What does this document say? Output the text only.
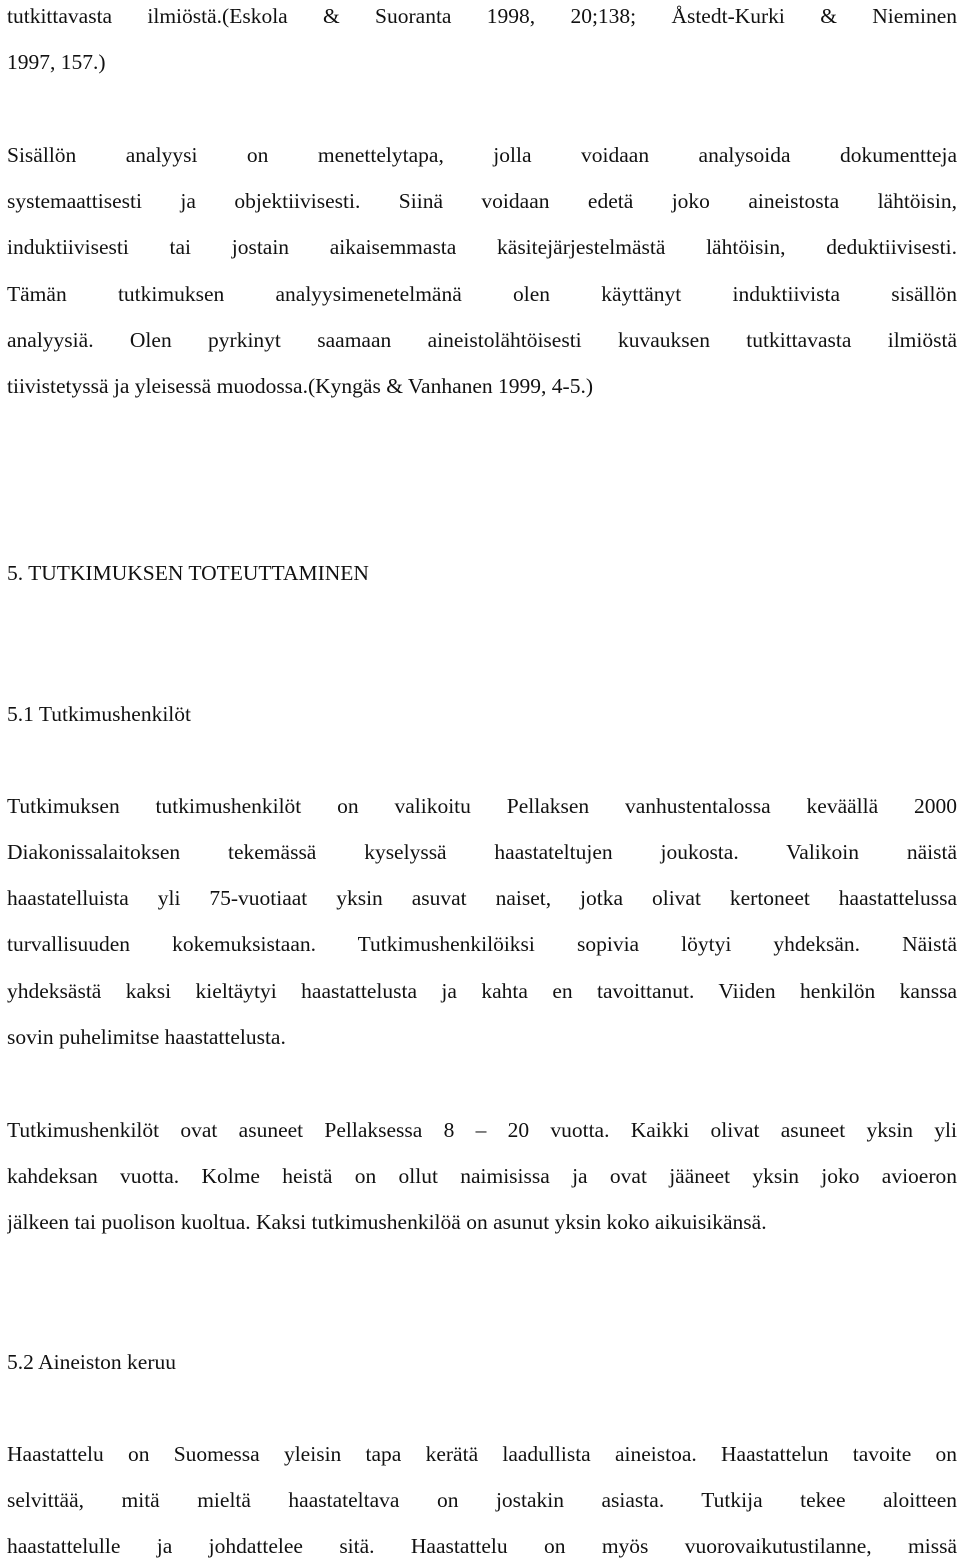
tutkittavasta ilmiöstä.(Eskola & Suoranta 1998, 20;138; Åstedt-Kurki & Nieminen
1997, 157.)
Sisällön analyysi on menettelytapa, jolla voidaan analysoida dokumentteja
systemaattisesti ja objektiivisesti. Siinä voidaan edetä joko aineistosta lähtöisin,
induktiivisesti tai jostain aikaisemmasta käsitejärjestelmästä lähtöisin, deduktiivisesti.
Tämän tutkimuksen analyysimenetelmänä olen käyttänyt induktiivista sisällön
analyysiä. Olen pyrkinyt saamaan aineistolähtöisesti kuvauksen tutkittavasta ilmiöstä
tiivistetyssä ja yleisessä muodossa.(Kyngäs & Vanhanen 1999, 4-5.)
5. TUTKIMUKSEN TOTEUTTAMINEN
5.1 Tutkimushenkilöt
Tutkimuksen tutkimushenkilöt on valikoitu Pellaksen vanhustentalossa keväällä 2000
Diakonissalaitoksen tekemässä kyselyssä haastateltujen joukosta. Valikoin näistä
haastatelluista yli 75-vuotiaat yksin asuvat naiset, jotka olivat kertoneet haastattelussa
turvallisuuden kokemuksistaan. Tutkimushenkilöiksi sopivia löytyi yhdeksän. Näistä
yhdeksästä kaksi kieltäytyi haastattelusta ja kahta en tavoittanut. Viiden henkilön kanssa
sovin puhelimitse haastattelusta.
Tutkimushenkilöt ovat asuneet Pellaksessa 8 – 20 vuotta. Kaikki olivat asuneet yksin yli
kahdeksan vuotta. Kolme heistä on ollut naimisissa ja ovat jääneet yksin joko avioeron
jälkeen tai puolison kuoltua. Kaksi tutkimushenkilöä on asunut yksin koko aikuisikänsä.
5.2 Aineiston keruu
Haastattelu on Suomessa yleisin tapa kerätä laadullista aineistoa. Haastattelun tavoite on
selvittää, mitä mieltä haastateltava on jostakin asiasta. Tutkija tekee aloitteen
haastattelulle ja johdattelee sitä. Haastattelu on myös vuorovaikutustilanne, missä
